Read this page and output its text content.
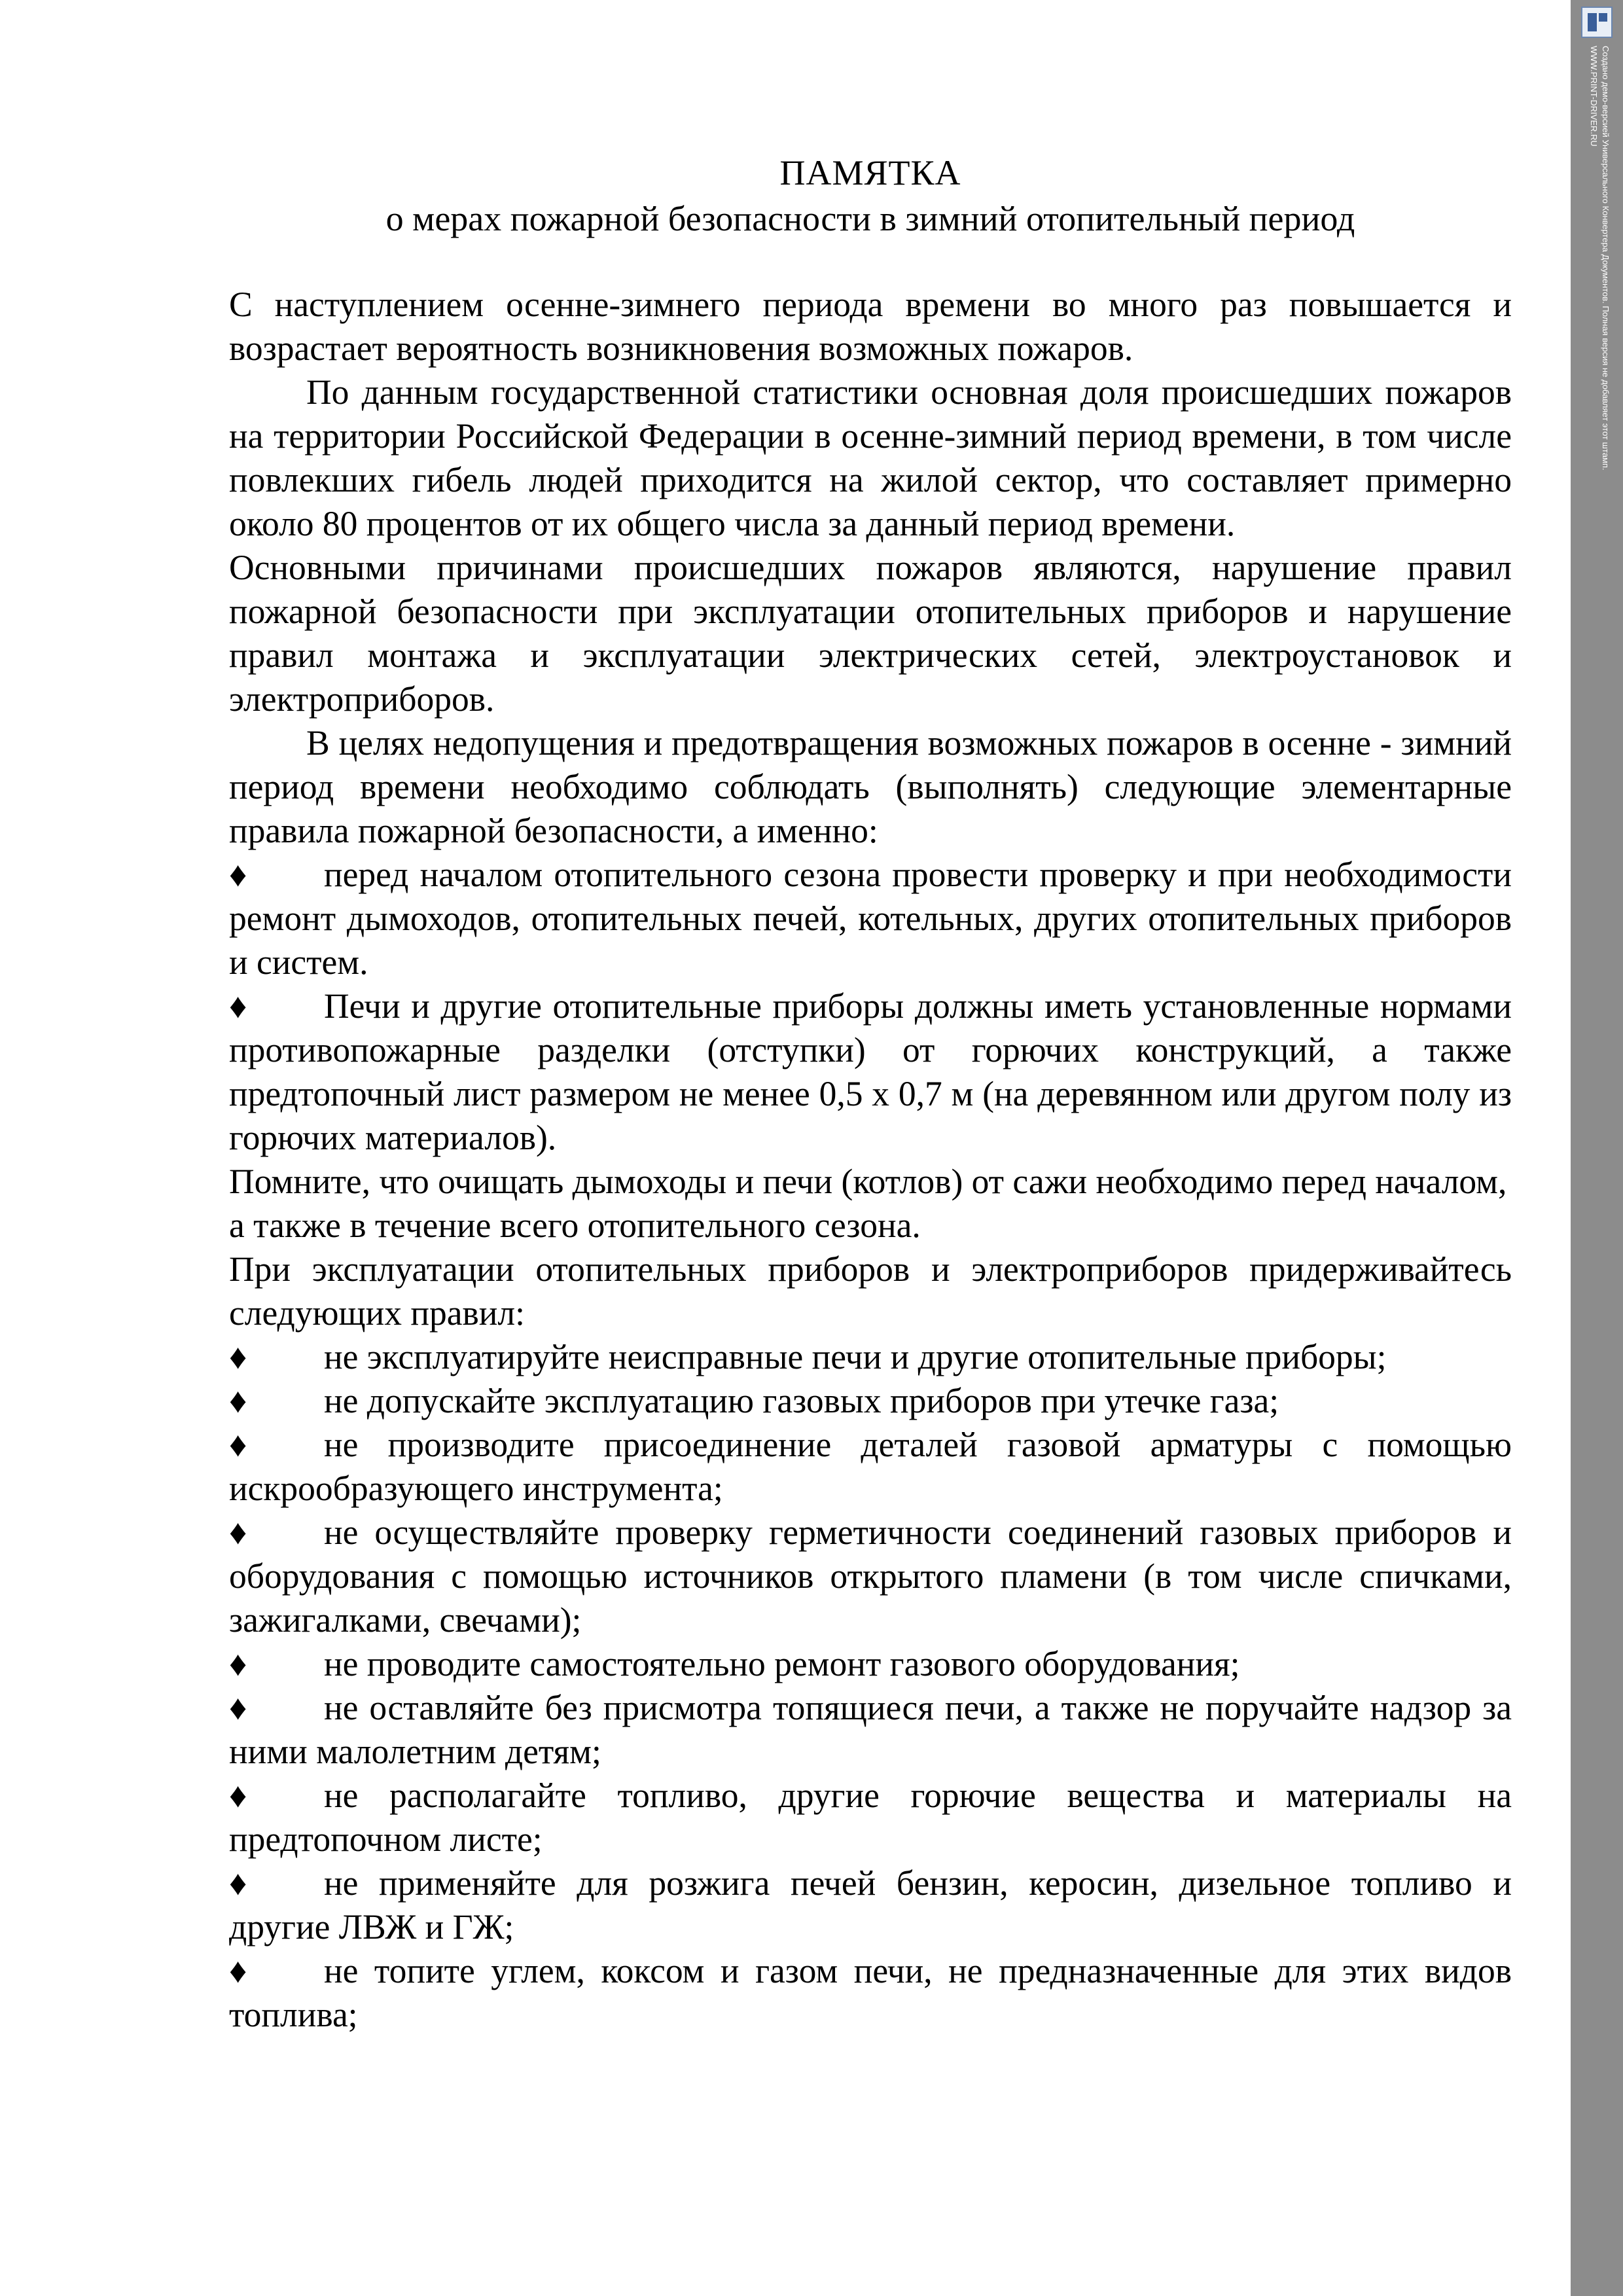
ПАМЯТКА
о мерах пожарной безопасности в зимний отопительный период

С наступлением осенне-зимнего периода времени во много раз повышается и возрастает вероятность возникновения возможных пожаров.

По данным государственной статистики основная доля происшедших пожаров на территории Российской Федерации в осенне-зимний период времени, в том числе повлекших гибель людей приходится на жилой сектор, что составляет примерно около 80 процентов от их общего числа за данный период времени.

Основными причинами происшедших пожаров являются, нарушение правил пожарной безопасности при эксплуатации отопительных приборов и нарушение правил монтажа и эксплуатации электрических сетей, электроустановок и электроприборов.

В целях недопущения и предотвращения возможных пожаров в осенне - зимний период времени необходимо соблюдать (выполнять) следующие элементарные правила пожарной безопасности, а именно:

♦ перед началом отопительного сезона провести проверку и при необходимости ремонт дымоходов, отопительных печей, котельных, других отопительных приборов и систем.

♦ Печи и другие отопительные приборы должны иметь установленные нормами противопожарные разделки (отступки) от горючих конструкций, а также предтопочный лист размером не менее 0,5 х 0,7 м (на деревянном или другом полу из горючих материалов).

Помните, что очищать дымоходы и печи (котлов) от сажи необходимо перед началом, а также в течение всего отопительного сезона.

При эксплуатации отопительных приборов и электроприборов придерживайтесь следующих правил:

♦ не эксплуатируйте неисправные печи и другие отопительные приборы;

♦ не допускайте эксплуатацию газовых приборов при утечке газа;

♦ не производите присоединение деталей газовой арматуры с помощью искрообразующего инструмента;

♦ не осуществляйте проверку герметичности соединений газовых приборов и оборудования с помощью источников открытого пламени (в том числе спичками, зажигалками, свечами);

♦ не проводите самостоятельно ремонт газового оборудования;

♦ не оставляйте без присмотра топящиеся печи, а также не поручайте надзор за ними малолетним детям;

♦ не располагайте топливо, другие горючие вещества и материалы на предтопочном листе;

♦ не применяйте для розжига печей бензин, керосин, дизельное топливо и другие ЛВЖ и ГЖ;

♦ не топите углем, коксом и газом печи, не предназначенные для этих видов топлива;

Создано демо-версией Универсального Конвертера Документов. Полная версия не добавляет этот штамп.
WWW.PRINT-DRIVER.RU
